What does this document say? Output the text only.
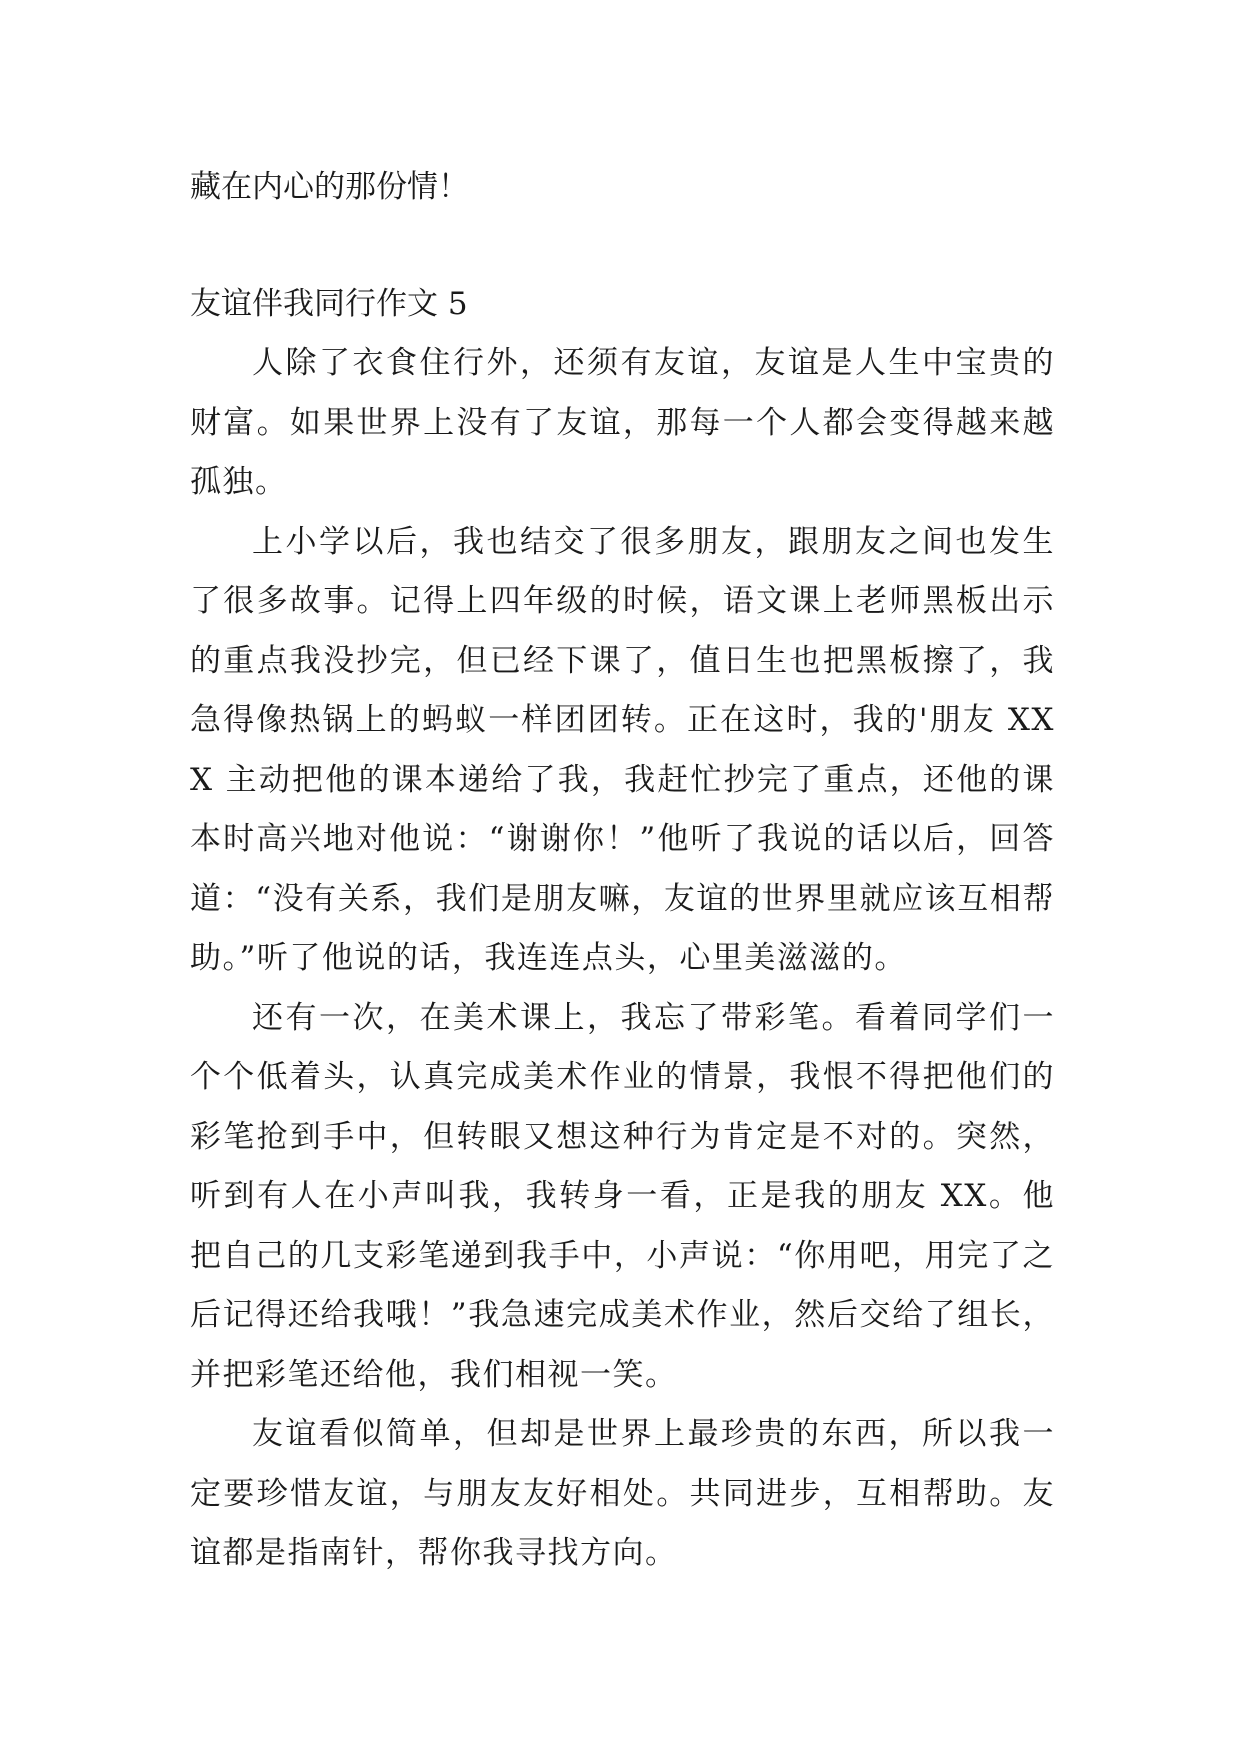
藏在内心的那份情！

友谊伴我同行作文 5

人除了衣食住行外，还须有友谊，友谊是人生中宝贵的财富。如果世界上没有了友谊，那每一个人都会变得越来越孤独。

上小学以后，我也结交了很多朋友，跟朋友之间也发生了很多故事。记得上四年级的时候，语文课上老师黑板出示的重点我没抄完，但已经下课了，值日生也把黑板擦了，我急得像热锅上的蚂蚁一样团团转。正在这时，我的'朋友 XXX 主动把他的课本递给了我，我赶忙抄完了重点，还他的课本时高兴地对他说：“谢谢你！”他听了我说的话以后，回答道：“没有关系，我们是朋友嘛，友谊的世界里就应该互相帮助。”听了他说的话，我连连点头，心里美滋滋的。

还有一次，在美术课上，我忘了带彩笔。看着同学们一个个低着头，认真完成美术作业的情景，我恨不得把他们的彩笔抢到手中，但转眼又想这种行为肯定是不对的。突然，听到有人在小声叫我，我转身一看，正是我的朋友 XX。他把自己的几支彩笔递到我手中，小声说：“你用吧，用完了之后记得还给我哦！”我急速完成美术作业，然后交给了组长，并把彩笔还给他，我们相视一笑。

友谊看似简单，但却是世界上最珍贵的东西，所以我一定要珍惜友谊，与朋友友好相处。共同进步，互相帮助。友谊都是指南针，帮你我寻找方向。
